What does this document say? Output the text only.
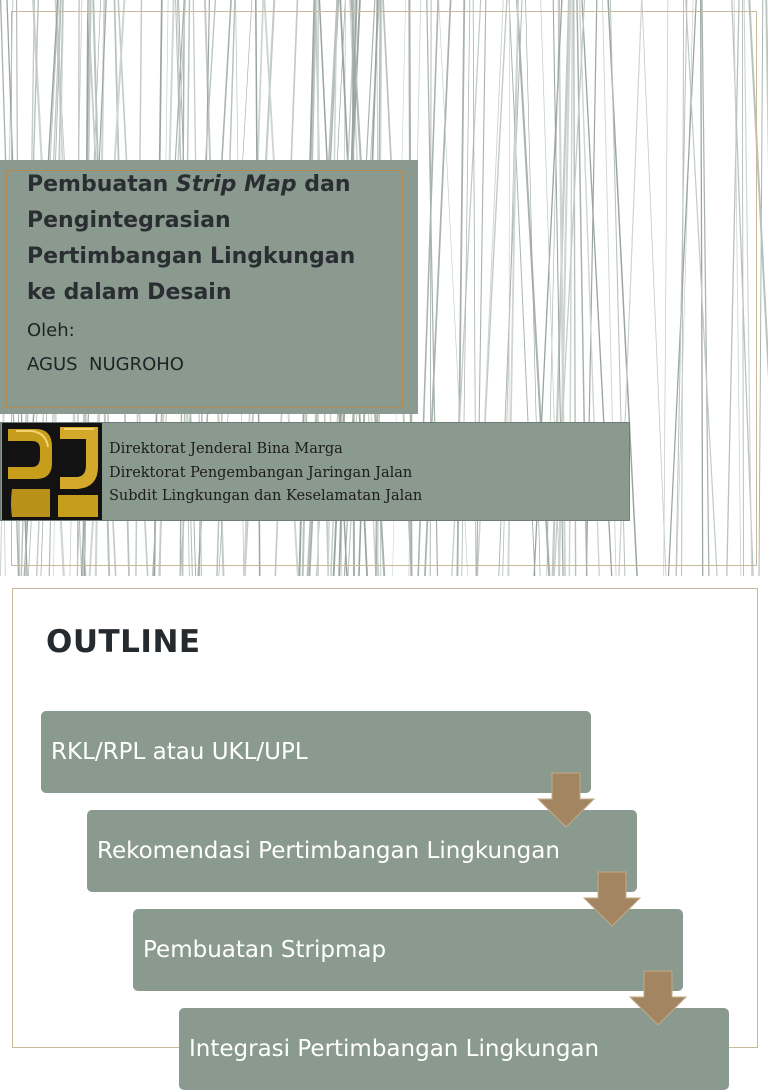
Pembuatan Strip Map dan Pengintegrasian Pertimbangan Lingkungan ke dalam Desain
Oleh:
AGUS  NUGROHO
Direktorat Jenderal Bina Marga
Direktorat Pengembangan Jaringan Jalan
Subdit Lingkungan dan Keselamatan Jalan
OUTLINE
RKL/RPL atau UKL/UPL
Rekomendasi Pertimbangan Lingkungan
Pembuatan Stripmap
Integrasi Pertimbangan Lingkungan
